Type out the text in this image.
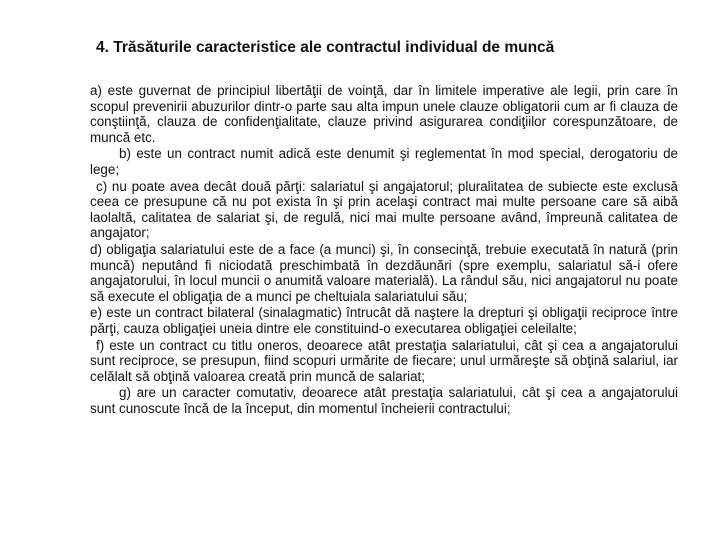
4. Trăsăturile caracteristice ale contractul individual de muncă

a) este guvernat de principiul libertăţii de voinţă, dar în limitele imperative ale legii, prin care în scopul prevenirii abuzurilor dintr-o parte sau alta impun unele clauze obligatorii cum ar fi clauza de conştiinţă, clauza de confidenţialitate, clauze privind asigurarea condiţiilor corespunzătoare, de muncă etc.

b) este un contract numit adică este denumit şi reglementat în mod special, derogatoriu de lege;

c) nu poate avea decât două părţi: salariatul şi angajatorul; pluralitatea de subiecte este exclusă ceea ce presupune că nu pot exista în şi prin acelaşi contract mai multe persoane care să aibă laolaltă, calitatea de salariat şi, de regulă, nici mai multe persoane având, împreună calitatea de angajator;

d) obligaţia salariatului este de a face (a munci) şi, în consecinţă, trebuie executată în natură (prin muncă) neputând fi niciodată preschimbată în dezdăunări (spre exemplu, salariatul să-i ofere angajatorului, în locul muncii o anumită valoare materială). La rândul său, nici angajatorul nu poate să execute el obligaţia de a munci pe cheltuiala salariatului său;

e) este un contract bilateral (sinalagmatic) întrucât dă naştere la drepturi şi obligaţii reciproce între părţi, cauza obligaţiei uneia dintre ele constituind-o executarea obligaţiei celeilalte;

f) este un contract cu titlu oneros, deoarece atât prestaţia salariatului, cât şi cea a angajatorului sunt reciproce, se presupun, fiind scopuri urmărite de fiecare; unul urmăreşte să obţină salariul, iar celălalt să obţină valoarea creată prin muncă de salariat;

g) are un caracter comutativ, deoarece atât prestaţia salariatului, cât şi cea a angajatorului sunt cunoscute încă de la început, din momentul încheierii contractului;
